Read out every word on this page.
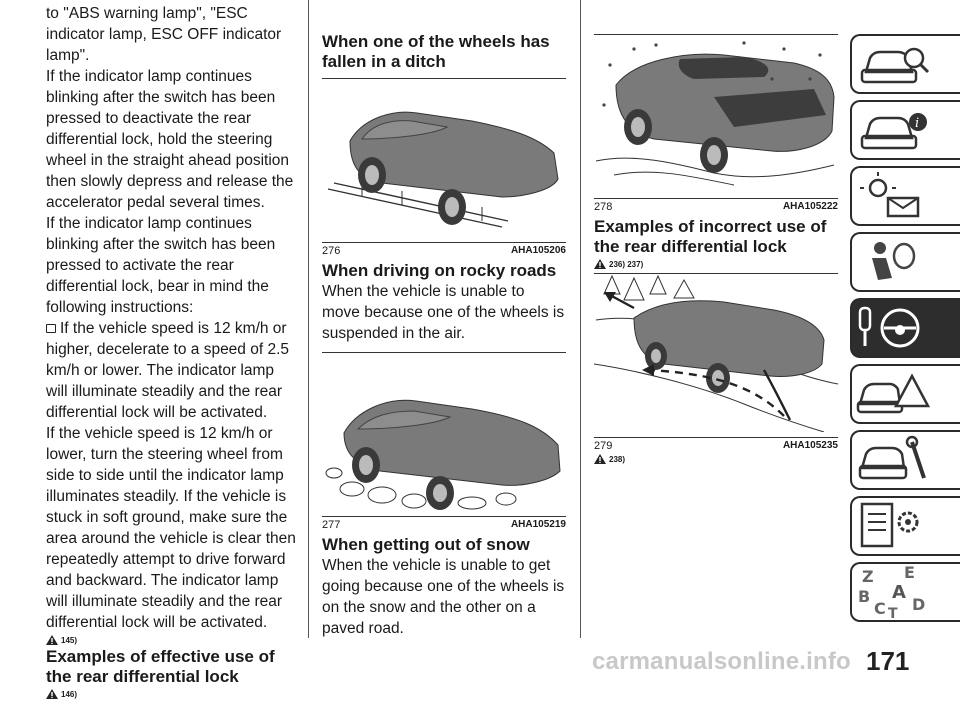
to "ABS warning lamp", "ESC indicator lamp, ESC OFF indicator lamp".

If the indicator lamp continues blinking after the switch has been pressed to deactivate the rear differential lock, hold the steering wheel in the straight ahead position then slowly depress and release the accelerator pedal several times.

If the indicator lamp continues blinking after the switch has been pressed to activate the rear differential lock, bear in mind the following instructions:

If the vehicle speed is 12 km/h or higher, decelerate to a speed of 2.5 km/h or lower. The indicator lamp will illuminate steadily and the rear differential lock will be activated.

If the vehicle speed is 12 km/h or lower, turn the steering wheel from side to side until the indicator lamp illuminates steadily. If the vehicle is stuck in soft ground, make sure the area around the vehicle is clear then repeatedly attempt to drive forward and backward. The indicator lamp will illuminate steadily and the rear differential lock will be activated.

145)
Examples of effective use of the rear differential lock
146)
When one of the wheels has fallen in a ditch
276	AHA105206
When driving on rocky roads

When the vehicle is unable to move because one of the wheels is suspended in the air.

277	AHA105219
When getting out of snow

When the vehicle is unable to get going because one of the wheels is on the snow and the other on a paved road.

278	AHA105222
Examples of incorrect use of the rear differential lock
236) 237)
279	AHA105235
238)
i
Z E
A
B
C D
T
171
carmanualsonline.info
